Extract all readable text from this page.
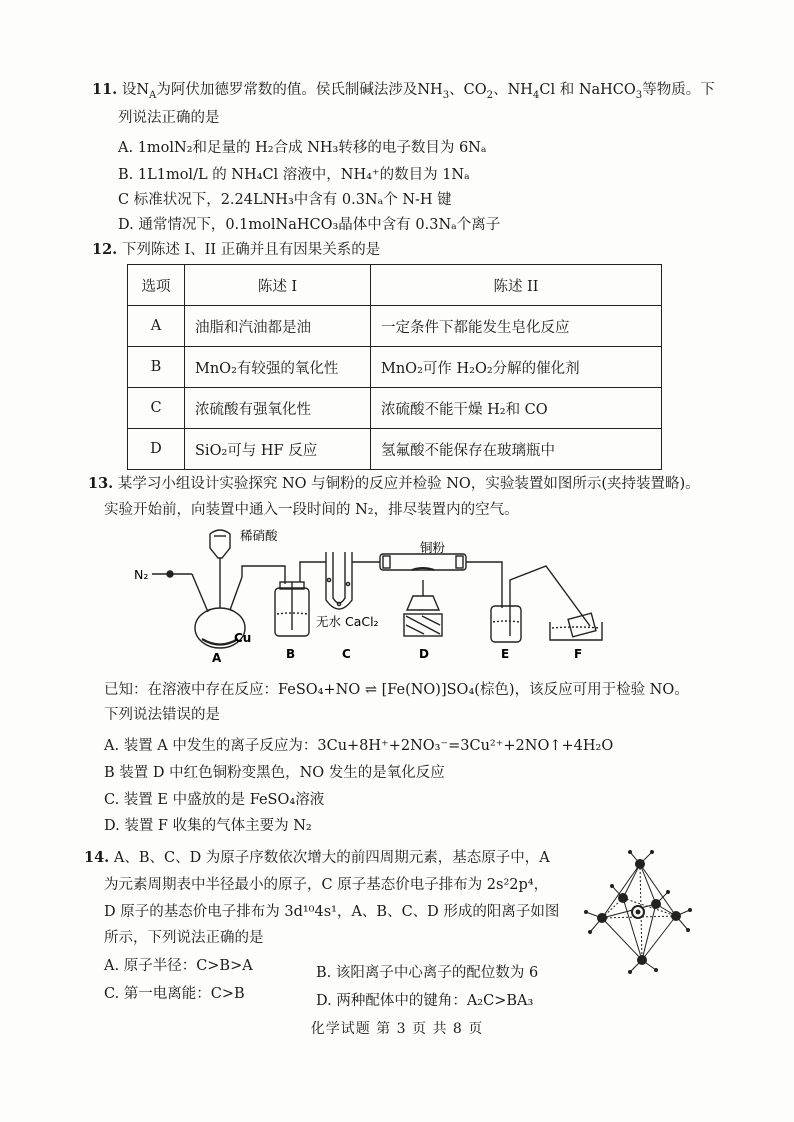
11. 设$N_A$为阿伏加德罗常数的值。侯氏制碱法涉及$NH_3$、$CO_2$、$NH_4Cl$ 和 NaHCO$_3$等物质。下
列说法正确的是
A. 1molN₂和足量的 H₂合成 NH₃转移的电子数目为 6Nₐ
B. 1L1mol/L 的 NH₄Cl 溶液中，NH₄⁺的数目为 1Nₐ
C 标准状况下，2.24LNH₃中含有 0.3Nₐ个 N-H 键
D. 通常情况下，0.1molNaHCO₃晶体中含有 0.3Nₐ个离子
12. 下列陈述 I、II 正确并且有因果关系的是
选项	陈述 I	陈述 II
A	油脂和汽油都是油	一定条件下都能发生皂化反应
B	MnO₂有较强的氧化性	MnO₂可作 H₂O₂分解的催化剂
C	浓硫酸有强氧化性	浓硫酸不能干燥 H₂和 CO
D	SiO₂可与 HF 反应	氢氟酸不能保存在玻璃瓶中
13. 某学习小组设计实验探究 NO 与铜粉的反应并检验 NO，实验装置如图所示(夹持装置略)。
实验开始前，向装置中通入一段时间的 N₂，排尽装置内的空气。
N₂
稀硝酸
Cu
铜粉
无水 CaCl₂
A	B	C	D	E	F
已知：在溶液中存在反应：FeSO₄+NO ⇌ [Fe(NO)]SO₄(棕色)，该反应可用于检验 NO。
下列说法错误的是
A. 装置 A 中发生的离子反应为：3Cu+8H⁺+2NO₃⁻=3Cu²⁺+2NO↑+4H₂O
B 装置 D 中红色铜粉变黑色，NO 发生的是氧化反应
C. 装置 E 中盛放的是 FeSO₄溶液
D. 装置 F 收集的气体主要为 N₂
14. A、B、C、D 为原子序数依次增大的前四周期元素，基态原子中，A
为元素周期表中半径最小的原子，C 原子基态价电子排布为 2s²2p⁴，
D 原子的基态价电子排布为 3d¹⁰4s¹，A、B、C、D 形成的阳离子如图
所示，下列说法正确的是
A. 原子半径：C>B>A	B. 该阳离子中心离子的配位数为 6
C. 第一电离能：C>B	D. 两种配体中的键角：A₂C>BA₃
化学试题 第 3 页 共 8 页
